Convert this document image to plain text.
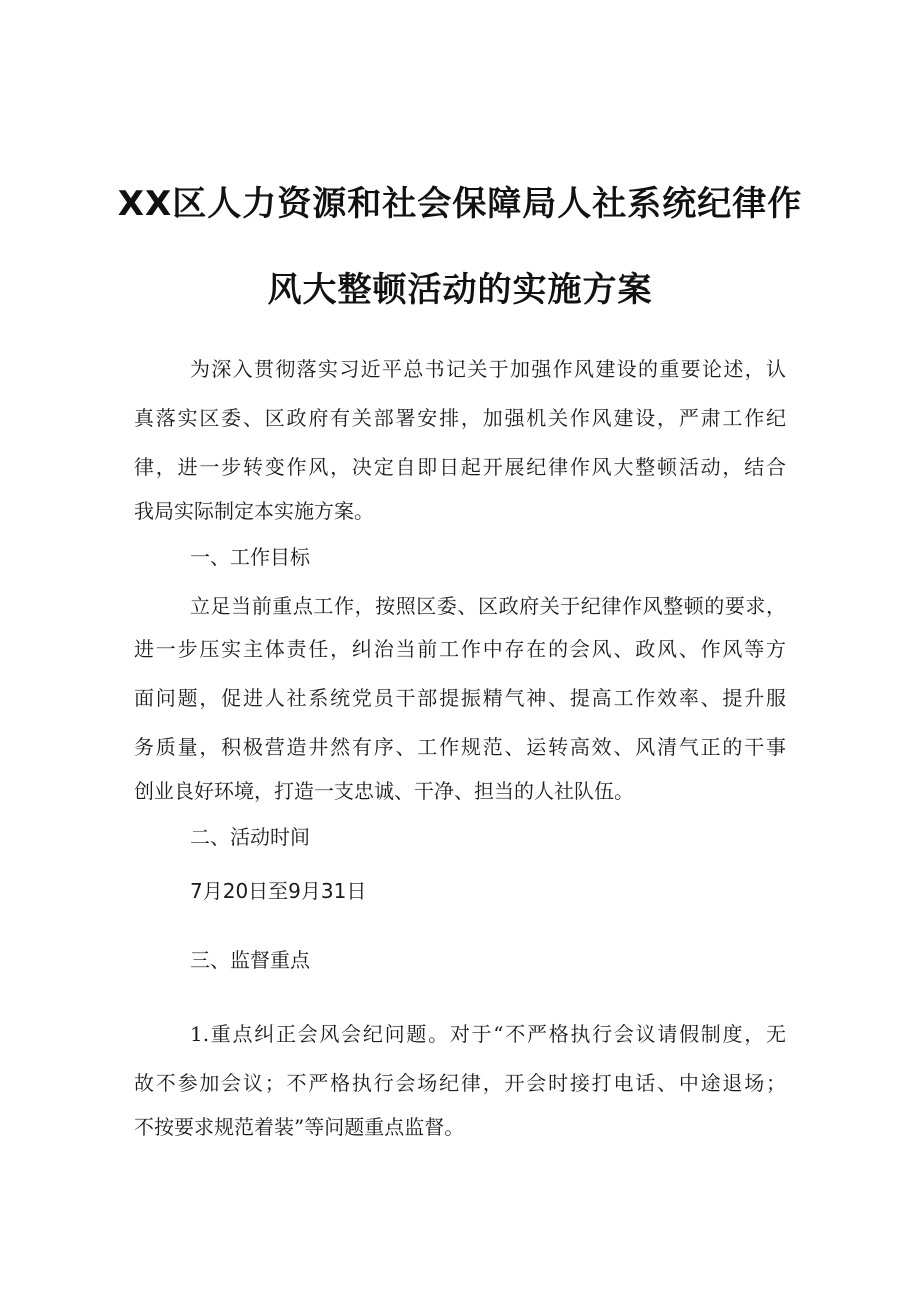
XX区人力资源和社会保障局人社系统纪律作
风大整顿活动的实施方案
为深入贯彻落实习近平总书记关于加强作风建设的重要论述，认
真落实区委、区政府有关部署安排，加强机关作风建设，严肃工作纪
律，进一步转变作风，决定自即日起开展纪律作风大整顿活动，结合
我局实际制定本实施方案。
一、工作目标
立足当前重点工作，按照区委、区政府关于纪律作风整顿的要求，
进一步压实主体责任，纠治当前工作中存在的会风、政风、作风等方
面问题，促进人社系统党员干部提振精气神、提高工作效率、提升服
务质量，积极营造井然有序、工作规范、运转高效、风清气正的干事
创业良好环境，打造一支忠诚、干净、担当的人社队伍。
二、活动时间
7月20日至9月31日
三、监督重点
1.重点纠正会风会纪问题。对于“不严格执行会议请假制度，无
故不参加会议；不严格执行会场纪律，开会时接打电话、中途退场；
不按要求规范着装”等问题重点监督。
